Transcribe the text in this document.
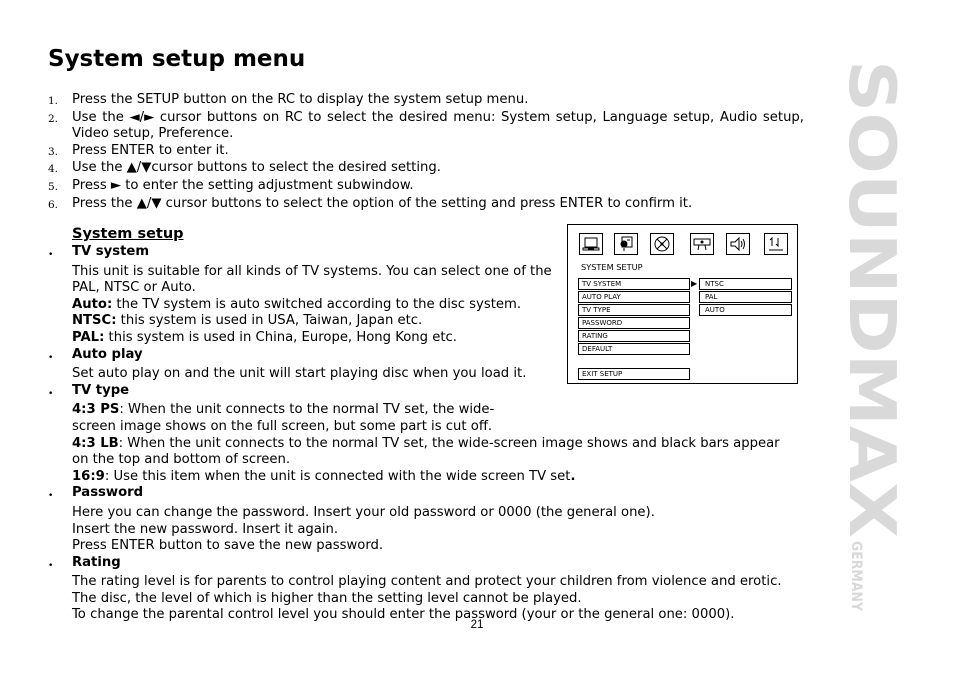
System setup menu
1.	Press the SETUP button on the RC to display the system setup menu.
2.	Use the ◄/► cursor buttons on RC to select the desired menu: System setup, Language setup, Audio setup, Video setup, Preference.
3.	Press ENTER to enter it.
4.	Use the ▲/▼cursor buttons to select the desired setting.
5.	Press ► to enter the setting adjustment subwindow.
6.	Press the ▲/▼ cursor buttons to select the option of the setting and press ENTER to confirm it.
System setup
•	TV system
This unit is suitable for all kinds of TV systems. You can select one of the PAL, NTSC or Auto.
Auto: the TV system is auto switched according to the disc system.
NTSC: this system is used in USA, Taiwan, Japan etc.
PAL: this system is used in China, Europe, Hong Kong etc.
•	Auto play
Set auto play on and the unit will start playing disc when you load it.
•	TV type
4:3 PS: When the unit connects to the normal TV set, the wide-screen image shows on the full screen, but some part is cut off.
4:3 LB: When the unit connects to the normal TV set, the wide-screen image shows and black bars appear on the top and bottom of screen.
16:9: Use this item when the unit is connected with the wide screen TV set.
•	Password
Here you can change the password. Insert your old password or 0000 (the general one).
Insert the new password. Insert it again.
Press ENTER button to save the new password.
•	Rating
The rating level is for parents to control playing content and protect your children from violence and erotic. The disc, the level of which is higher than the setting level cannot be played.
To change the parental control level you should enter the password (your or the general one: 0000).
SYSTEM SETUP
TV SYSTEM
AUTO PLAY
TV TYPE
PASSWORD
RATING
DEFAULT
EXIT SETUP
▶	NTSC
PAL
AUTO	SOUNDMAX
GERMANY
21
